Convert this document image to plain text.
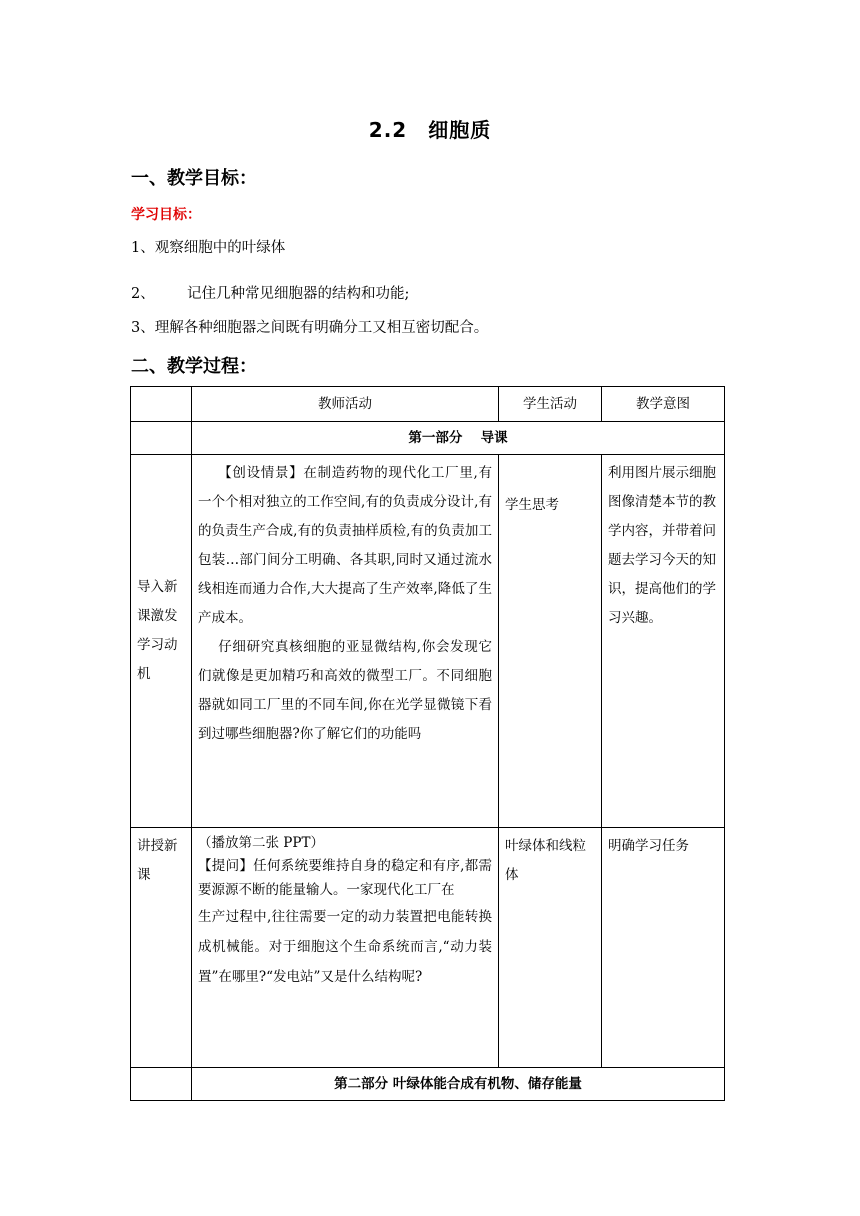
2.2　细胞质
一、教学目标：
学习目标：
1、观察细胞中的叶绿体
2、       记住几种常见细胞器的结构和功能;
3、理解各种细胞器之间既有明确分工又相互密切配合。
二、教学过程：
	教师活动	学生活动	教学意图
	第一部分　 导课		
导入新课激发学习动机	【创设情景】在制造药物的现代化工厂里,有一个个相对独立的工作空间,有的负责成分设计,有的负责生产合成,有的负责抽样质检,有的负责加工包装…部门间分工明确、各其职,同时又通过流水线相连而通力合作,大大提高了生产效率,降低了生产成本。

仔细研究真核细胞的亚显微结构,你会发现它们就像是更加精巧和高效的微型工厂。不同细胞器就如同工厂里的不同车间,你在光学显微镜下看到过哪些细胞器?你了解它们的功能吗	学生思考	利用图片展示细胞图像清楚本节的教学内容，并带着问题去学习今天的知识，提高他们的学习兴趣。
讲授新课	（播放第二张 PPT）

【提问】任何系统要维持自身的稳定和有序,都需要源源不断的能量输人。一家现代化工厂在

生产过程中,往往需要一定的动力装置把电能转换成机械能。对于细胞这个生命系统而言,“动力装置”在哪里?“发电站”又是什么结构呢?	叶绿体和线粒体	明确学习任务
	第二部分 叶绿体能合成有机物、储存能量		
